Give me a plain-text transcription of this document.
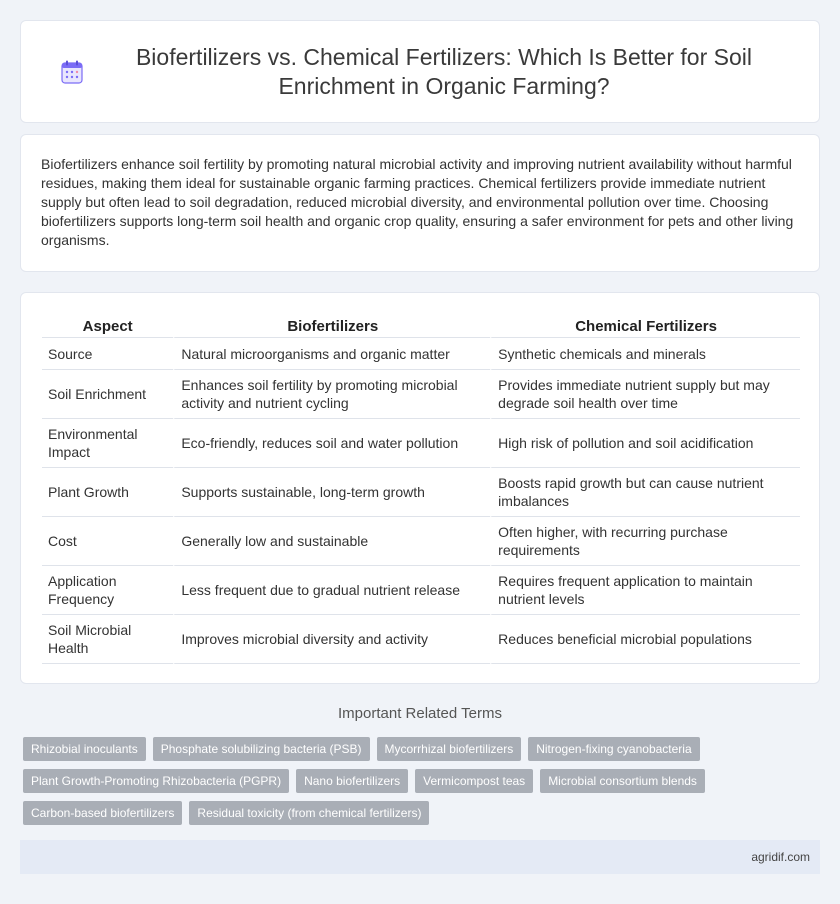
Biofertilizers vs. Chemical Fertilizers: Which Is Better for Soil Enrichment in Organic Farming?

Biofertilizers enhance soil fertility by promoting natural microbial activity and improving nutrient availability without harmful residues, making them ideal for sustainable organic farming practices. Chemical fertilizers provide immediate nutrient supply but often lead to soil degradation, reduced microbial diversity, and environmental pollution over time. Choosing biofertilizers supports long-term soil health and organic crop quality, ensuring a safer environment for pets and other living organisms.

Aspect	Biofertilizers	Chemical Fertilizers
Source	Natural microorganisms and organic matter	Synthetic chemicals and minerals
Soil Enrichment	Enhances soil fertility by promoting microbial activity and nutrient cycling	Provides immediate nutrient supply but may degrade soil health over time
Environmental Impact	Eco-friendly, reduces soil and water pollution	High risk of pollution and soil acidification
Plant Growth	Supports sustainable, long-term growth	Boosts rapid growth but can cause nutrient imbalances
Cost	Generally low and sustainable	Often higher, with recurring purchase requirements
Application Frequency	Less frequent due to gradual nutrient release	Requires frequent application to maintain nutrient levels
Soil Microbial Health	Improves microbial diversity and activity	Reduces beneficial microbial populations
Important Related Terms
Rhizobial inoculants	Phosphate solubilizing bacteria (PSB)	Mycorrhizal biofertilizers	Nitrogen-fixing cyanobacteria
Plant Growth-Promoting Rhizobacteria (PGPR)	Nano biofertilizers	Vermicompost teas	Microbial consortium blends
Carbon-based biofertilizers	Residual toxicity (from chemical fertilizers)
agridif.com
